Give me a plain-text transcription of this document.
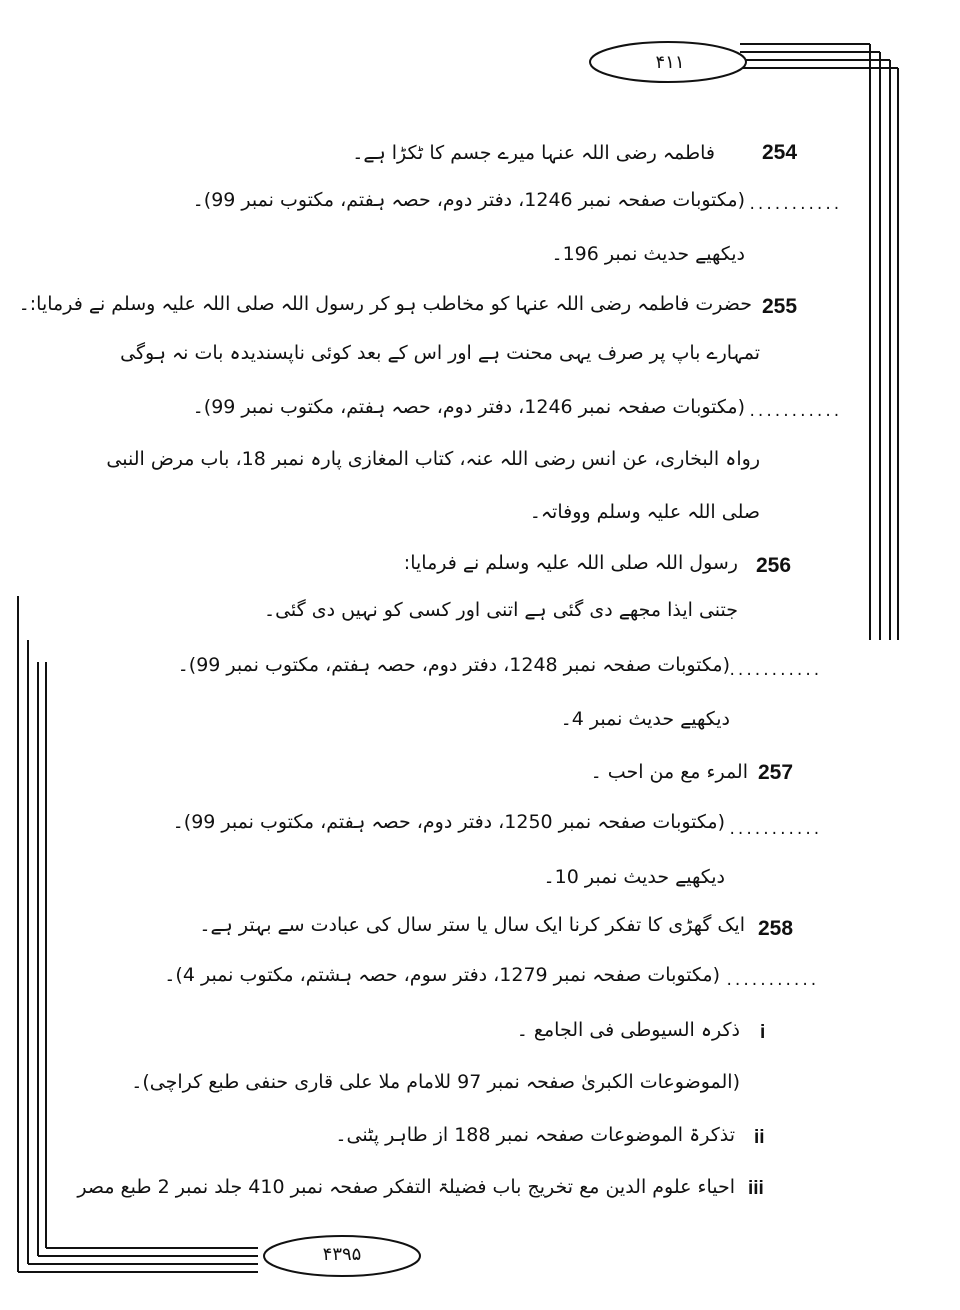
۴۱۱
۴۳۹۵
254
فاطمہ رضی اللہ عنہا میرے جسم کا ٹکڑا ہے۔
...........
(مکتوبات صفحہ نمبر 1246، دفتر دوم، حصہ ہفتم، مکتوب نمبر 99)۔
دیکھیے حدیث نمبر 196۔
255
حضرت فاطمہ رضی اللہ عنہا کو مخاطب ہو کر رسول اللہ صلی اللہ علیہ وسلم نے فرمایا:۔
تمہارے باپ پر صرف یہی محنت ہے اور اس کے بعد کوئی ناپسندیدہ بات نہ ہوگی
...........
(مکتوبات صفحہ نمبر 1246، دفتر دوم، حصہ ہفتم، مکتوب نمبر 99)۔
رواہ البخاری، عن انس رضی اللہ عنہ، کتاب المغازی پارہ نمبر 18، باب مرض النبی
صلی اللہ علیہ وسلم ووفاتہ۔
256
رسول اللہ صلی اللہ علیہ وسلم نے فرمایا:
جتنی ایذا مجھے دی گئی ہے اتنی اور کسی کو نہیں دی گئی۔
...........
(مکتوبات صفحہ نمبر 1248، دفتر دوم، حصہ ہفتم، مکتوب نمبر 99)۔
دیکھیے حدیث نمبر 4۔
257
المرء مع من احب ۔
...........
(مکتوبات صفحہ نمبر 1250، دفتر دوم، حصہ ہفتم، مکتوب نمبر 99)۔
دیکھیے حدیث نمبر 10۔
258
ایک گھڑی کا تفکر کرنا ایک سال یا ستر سال کی عبادت سے بہتر ہے۔
...........
(مکتوبات صفحہ نمبر 1279، دفتر سوم، حصہ ہشتم، مکتوب نمبر 4)۔
i
ذکرہ السیوطی فی الجامع ۔
(الموضوعات الکبریٰ صفحہ نمبر 97 للامام ملا علی قاری حنفی طبع کراچی)۔
ii
تذکرۃ الموضوعات صفحہ نمبر 188 از طاہر پٹنی۔
iii
احیاء علوم الدین مع تخریج باب فضیلۃ التفکر صفحہ نمبر 410 جلد نمبر 2 طبع مصر
